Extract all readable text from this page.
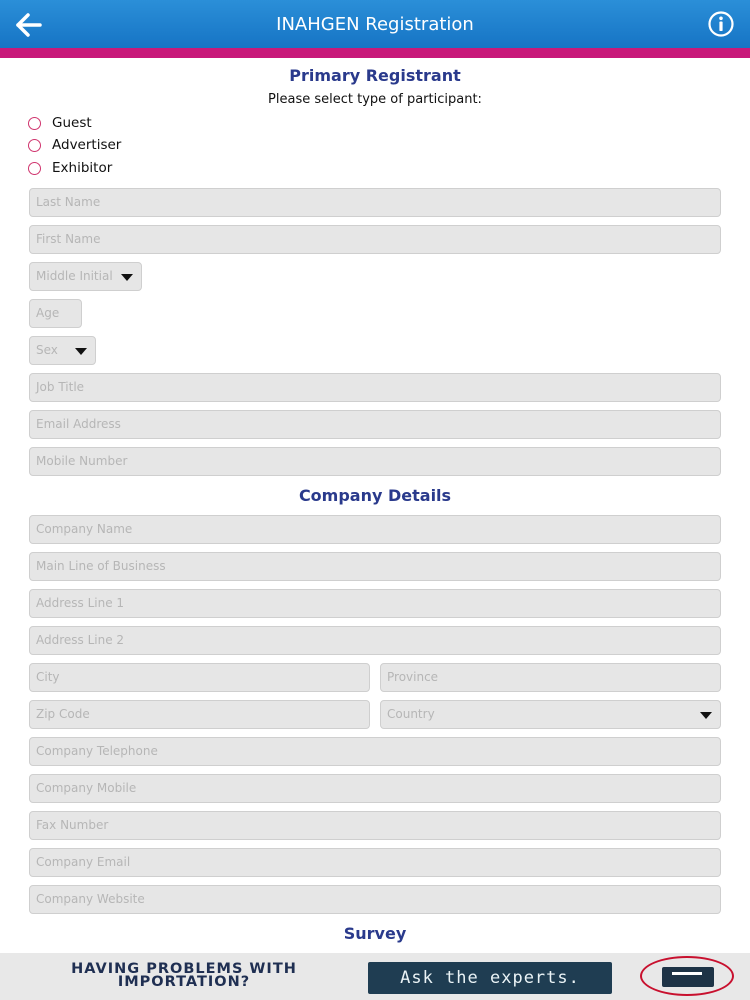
INAHGEN Registration
Primary Registrant
Please select type of participant:
Guest
Advertiser
Exhibitor
Last Name
First Name
Middle Initial
Age
Sex
Job Title
Email Address
Mobile Number
Company Details
Company Name
Main Line of Business
Address Line 1
Address Line 2
City	Province
Zip Code	Country
Company Telephone
Company Mobile
Fax Number
Company Email
Company Website
Survey
HAVING PROBLEMS WITH
IMPORTATION?	Ask the experts.
